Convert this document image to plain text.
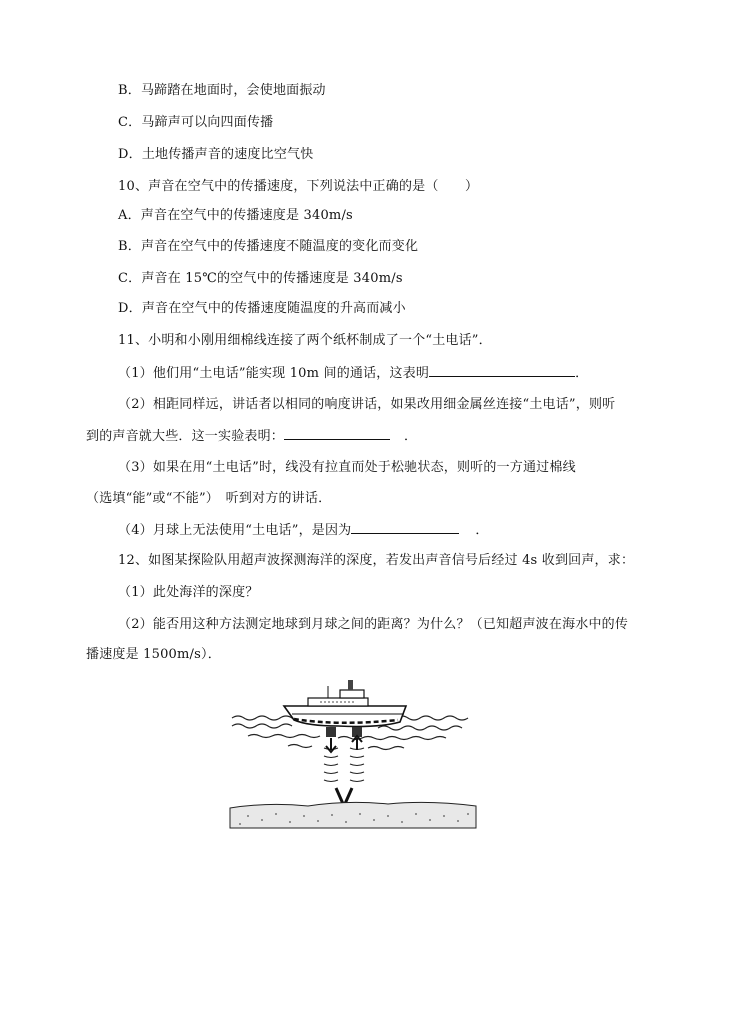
B．马蹄踏在地面时，会使地面振动
C．马蹄声可以向四面传播
D．土地传播声音的速度比空气快
10、声音在空气中的传播速度，下列说法中正确的是（　　）
A．声音在空气中的传播速度是 340m/s
B．声音在空气中的传播速度不随温度的变化而变化
C．声音在 15℃的空气中的传播速度是 340m/s
D．声音在空气中的传播速度随温度的升高而减小
11、小明和小刚用细棉线连接了两个纸杯制成了一个“土电话”．
（1）他们用“土电话”能实现 10m 间的通话，这表明	．
（2）相距同样远，讲话者以相同的响度讲话，如果改用细金属丝连接“土电话”，则听
到的声音就大些．这一实验表明：	．
（3）如果在用“土电话”时，线没有拉直而处于松驰状态，则听的一方通过棉线
（选填“能”或“不能”）　听到对方的讲话．
（4）月球上无法使用“土电话”，是因为	．
12、如图某探险队用超声波探测海洋的深度，若发出声音信号后经过 4s 收到回声，求：
（1）此处海洋的深度？
（2）能否用这种方法测定地球到月球之间的距离？为什么？（已知超声波在海水中的传
播速度是 1500m/s）．
